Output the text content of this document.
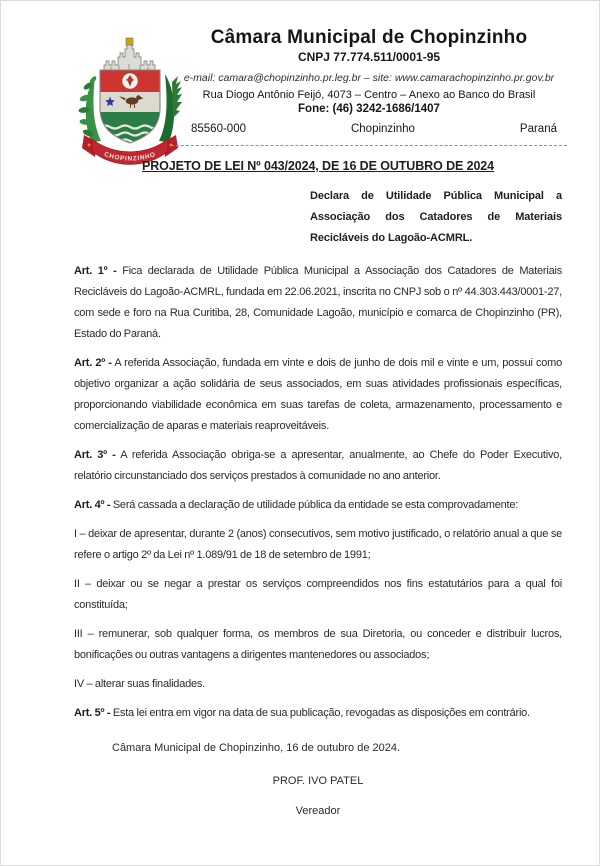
CHOPINZINHO
Câmara Municipal de Chopinzinho
CNPJ 77.774.511/0001-95
e-mail: camara@chopinzinho.pr.leg.br – site: www.camarachopinzinho.pr.gov.br
Rua Diogo Antônio Feijó, 4073 – Centro – Anexo ao Banco do Brasil
Fone: (46) 3242-1686/1407
85560-000	Chopinzinho	Paraná
PROJETO DE LEI Nº 043/2024, DE 16 DE OUTUBRO DE 2024
Declara de Utilidade Pública Municipal a Associação dos Catadores de Materiais Recicláveis do Lagoão-ACMRL.

Art. 1º - Fica declarada de Utilidade Pública Municipal a Associação dos Catadores de Materiais Recicláveis do Lagoão-ACMRL, fundada em 22.06.2021, inscrita no CNPJ sob o nº 44.303.443/0001-27, com sede e foro na Rua Curitiba, 28, Comunidade Lagoão, município e comarca de Chopinzinho (PR), Estado do Paraná.

Art. 2º - A referida Associação, fundada em vinte e dois de junho de dois mil e vinte e um, possui como objetivo organizar a ação solidária de seus associados, em suas atividades profissionais específicas, proporcionando viabilidade econômica em suas tarefas de coleta, armazenamento, processamento e comercialização de aparas e materiais reaproveitáveis.

Art. 3º - A referida Associação obriga-se a apresentar, anualmente, ao Chefe do Poder Executivo, relatório circunstanciado dos serviços prestados à comunidade no ano anterior.

Art. 4º - Será cassada a declaração de utilidade pública da entidade se esta comprovadamente:

I – deixar de apresentar, durante 2 (anos) consecutivos, sem motivo justificado, o relatório anual a que se refere o artigo 2º da Lei nº 1.089/91 de 18 de setembro de 1991;

II – deixar ou se negar a prestar os serviços compreendidos nos fins estatutários para a qual foi constituída;

III – remunerar, sob qualquer forma, os membros de sua Diretoria, ou conceder e distribuir lucros, bonificações ou outras vantagens a dirigentes mantenedores ou associados;

IV – alterar suas finalidades.

Art. 5º - Esta lei entra em vigor na data de sua publicação, revogadas as disposições em contrário.

Câmara Municipal de Chopinzinho, 16 de outubro de 2024.
PROF. IVO PATEL
Vereador
